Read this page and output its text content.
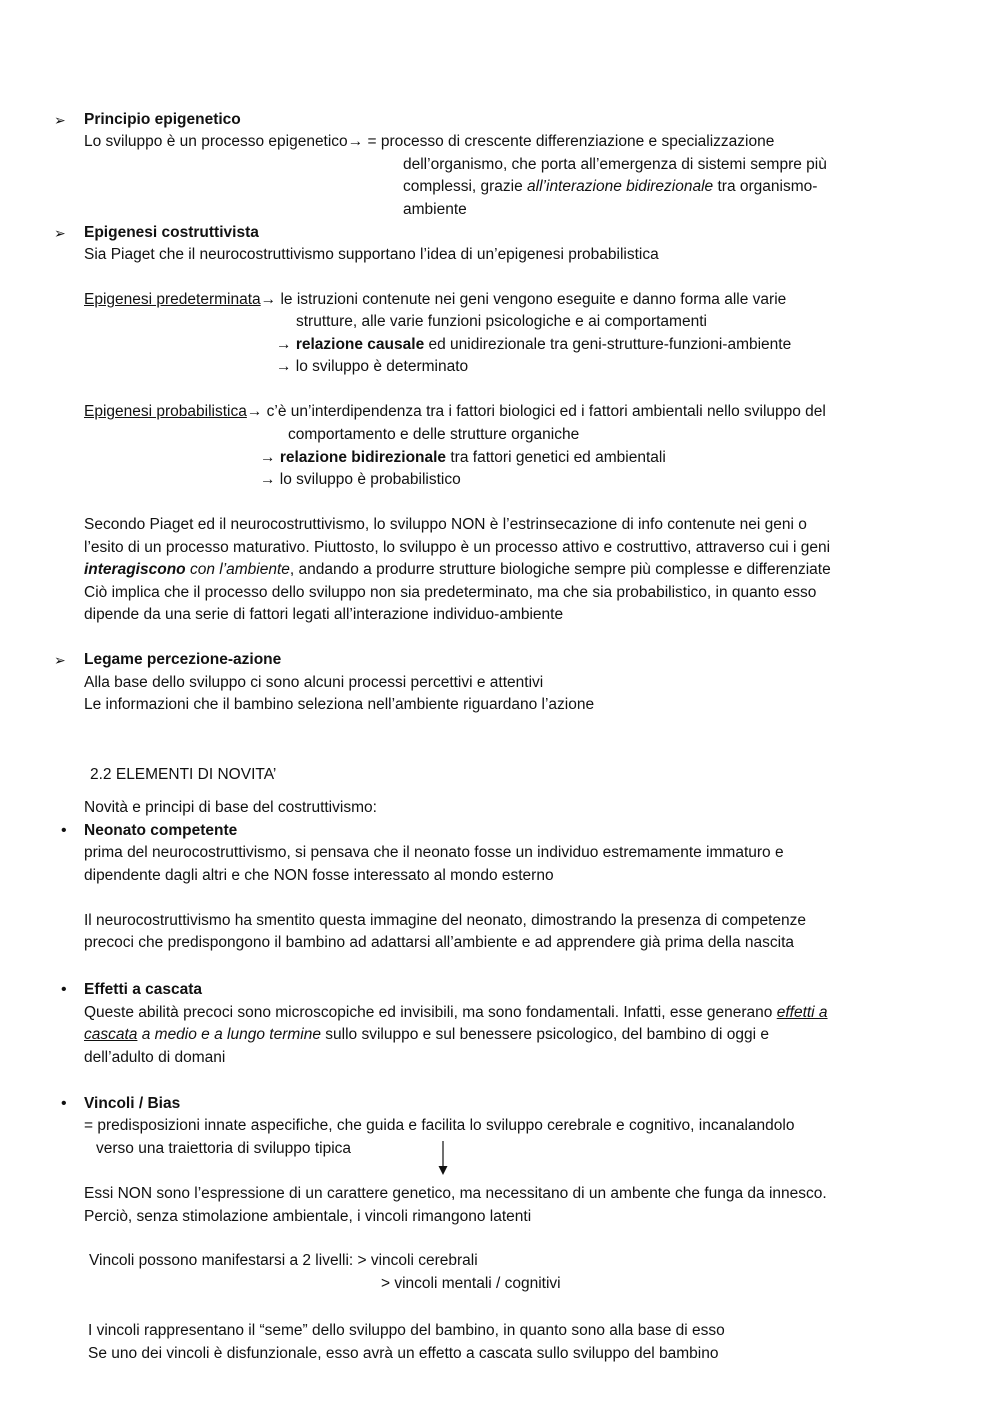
➢ Principio epigenetico
Lo sviluppo è un processo epigenetico→ = processo di crescente differenziazione e specializzazione
dell’organismo, che porta all’emergenza di sistemi sempre più
complessi, grazie all’interazione bidirezionale tra organismo-
ambiente
➢ Epigenesi costruttivista
Sia Piaget che il neurocostruttivismo supportano l’idea di un’epigenesi probabilistica
Epigenesi predeterminata→ le istruzioni contenute nei geni vengono eseguite e danno forma alle varie
strutture, alle varie funzioni psicologiche e ai comportamenti
→ relazione causale ed unidirezionale tra geni-strutture-funzioni-ambiente
→ lo sviluppo è determinato
Epigenesi probabilistica→ c’è un’interdipendenza tra i fattori biologici ed i fattori ambientali nello sviluppo del
comportamento e delle strutture organiche
→ relazione bidirezionale tra fattori genetici ed ambientali
→ lo sviluppo è probabilistico
Secondo Piaget ed il neurocostruttivismo, lo sviluppo NON è l’estrinsecazione di info contenute nei geni o
l’esito di un processo maturativo. Piuttosto, lo sviluppo è un processo attivo e costruttivo, attraverso cui i geni
interagiscono con l’ambiente, andando a produrre strutture biologiche sempre più complesse e differenziate
Ciò implica che il processo dello sviluppo non sia predeterminato, ma che sia probabilistico, in quanto esso
dipende da una serie di fattori legati all’interazione individuo-ambiente
➢ Legame percezione-azione
Alla base dello sviluppo ci sono alcuni processi percettivi e attentivi
Le informazioni che il bambino seleziona nell’ambiente riguardano l’azione
2.2 ELEMENTI DI NOVITA’
Novità e principi di base del costruttivismo:
• Neonato competente
prima del neurocostruttivismo, si pensava che il neonato fosse un individuo estremamente immaturo e
dipendente dagli altri e che NON fosse interessato al mondo esterno
Il neurocostruttivismo ha smentito questa immagine del neonato, dimostrando la presenza di competenze
precoci che predispongono il bambino ad adattarsi all’ambiente e ad apprendere già prima della nascita
• Effetti a cascata
Queste abilità precoci sono microscopiche ed invisibili, ma sono fondamentali. Infatti, esse generano effetti a
cascata a medio e a lungo termine sullo sviluppo e sul benessere psicologico, del bambino di oggi e
dell’adulto di domani
• Vincoli / Bias
= predisposizioni innate aspecifiche, che guida e facilita lo sviluppo cerebrale e cognitivo, incanalandolo
verso una traiettoria di sviluppo tipica
Essi NON sono l’espressione di un carattere genetico, ma necessitano di un ambente che funga da innesco.
Perciò, senza stimolazione ambientale, i vincoli rimangono latenti
Vincoli possono manifestarsi a 2 livelli: > vincoli cerebrali
> vincoli mentali / cognitivi
I vincoli rappresentano il “seme” dello sviluppo del bambino, in quanto sono alla base di esso
Se uno dei vincoli è disfunzionale, esso avrà un effetto a cascata sullo sviluppo del bambino
